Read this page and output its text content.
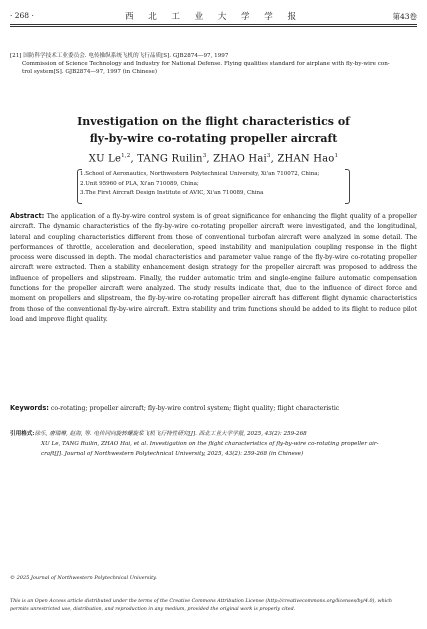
· 268 ·	西 北 工 业 大 学 学 报	第43卷
[21] 国防科学技术工业委员会. 电传操纵系统飞机的飞行品质[S]. GJB2874—97, 1997
Commission of Science Technology and Industry for National Defense. Flying qualities standard for airplane with fly-by-wire con-
trol system[S]. GJB2874—97, 1997 (in Chinese)
Investigation on the flight characteristics of
fly-by-wire co-rotating propeller aircraft
XU Le$^{1,2}$, TANG Ruilin$^3$, ZHAO Hai$^3$, ZHAN Hao$^1$
1.School of Aeronautics, Northwestern Polytechnical University, Xi'an 710072, China;
2.Unit 95960 of PLA, Xi'an 710089, China;
3.The First Aircraft Design Institute of AVIC, Xi'an 710089, China
Abstract: The application of a fly-by-wire control system is of great significance for enhancing the flight quality of a propeller aircraft. The dynamic characteristics of the fly-by-wire co-rotating propeller aircraft were investigated, and the longitudinal, lateral and coupling characteristics different from those of conventional turbofan aircraft were analyzed in some detail. The performances of throttle, acceleration and deceleration, speed instability and manipulation coupling response in the flight process were discussed in depth. The modal characteristics and parameter value range of the fly-by-wire co-rotating propeller aircraft were extracted. Then a stability enhancement design strategy for the propeller aircraft was proposed to address the influence of propellers and slipstream. Finally, the rudder automatic trim and single-engine failure automatic compensation functions for the propeller aircraft were analyzed. The study results indicate that, due to the influence of direct force and moment on propellers and slipstream, the fly-by-wire co-rotating propeller aircraft has different flight dynamic characteristics from those of the conventional fly-by-wire aircraft. Extra stability and trim functions should be added to its flight to reduce pilot load and improve flight quality.
Keywords: co-rotating; propeller aircraft; fly-by-wire control system; flight quality; flight characteristic
引用格式:徐乐, 唐瑞琳, 赵海, 等. 电传同向旋转螺旋桨飞机飞行特性研究[J]. 西北工业大学学报, 2025, 43(2): 259-268
XU Le, TANG Ruilin, ZHAO Hai, et al. Investigation on the flight characteristics of fly-by-wire co-rotating propeller air-
craft[J]. Journal of Northwestern Polytechnical University, 2025, 43(2): 259-268 (in Chinese)
© 2025 Journal of Northwestern Polytechnical University.
This is an Open Access article distributed under the terms of the Creative Commons Attribution License (http://creativecommons.org/licenses/by/4.0), which
permits unrestricted use, distribution, and reproduction in any medium, provided the original work is properly cited.
